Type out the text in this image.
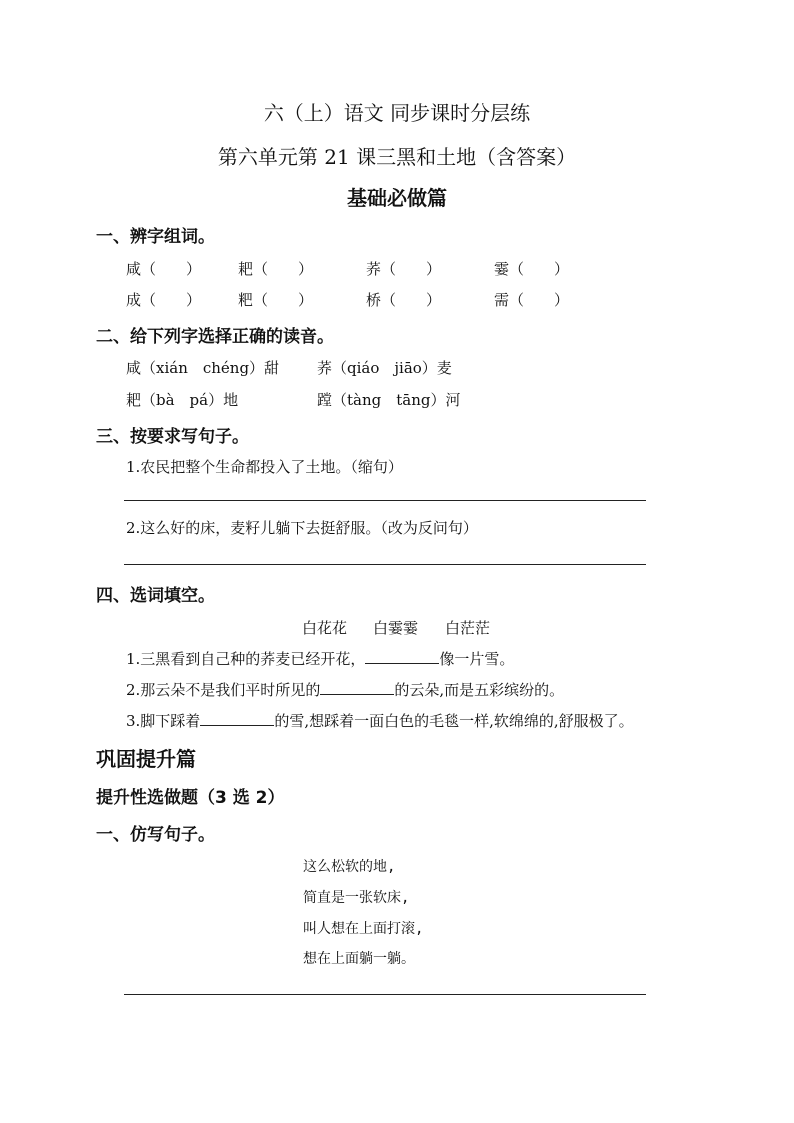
六（上）语文 同步课时分层练
第六单元第 21 课三黑和土地（含答案）
基础必做篇
一、辨字组词。
咸（　　） 耙（　　）	荞（　　）	霎（　　）
成（　　） 粑（　　）	桥（　　）	需（　　）
二、给下列字选择正确的读音。
咸（xián　chéng）甜	荞（qiáo　jiāo）麦
耙（bà　pá）地	蹚（tàng　tāng）河
三、按要求写句子。
1.农民把整个生命都投入了土地。（缩句）
2.这么好的床，麦籽儿躺下去挺舒服。（改为反问句）
四、选词填空。
白花花 白霎霎 白茫茫
1.三黑看到自己种的荞麦已经开花，	像一片雪。
2.那云朵不是我们平时所见的	的云朵,而是五彩缤纷的。
3.脚下踩着	的雪,想踩着一面白色的毛毯一样,软绵绵的,舒服极了。
巩固提升篇
提升性选做题（3 选 2）
一、仿写句子。
这么松软的地,
简直是一张软床,
叫人想在上面打滚,
想在上面躺一躺。
